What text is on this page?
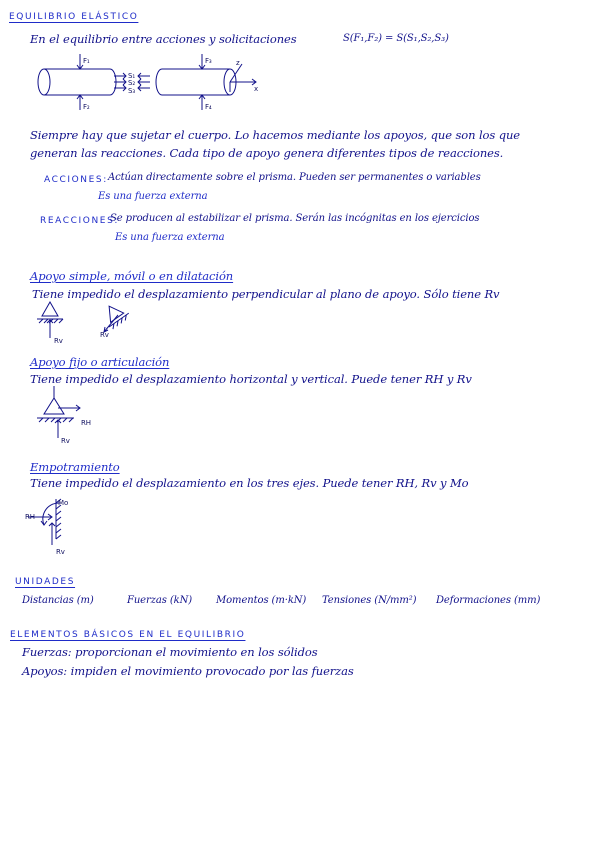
EQUILIBRIO ELÁSTICO
En el equilibrio entre acciones y solicitaciones	S(F₁,F₂) = S(S₁,S₂,S₃)
F₁
F₂
S₁
S₂
S₃
F₃
F₄
z
x
Siempre hay que sujetar el cuerpo. Lo hacemos mediante los apoyos, que son los que
generan las reacciones. Cada tipo de apoyo genera diferentes tipos de reacciones.
ACCIONES: Actúan directamente sobre el prisma. Pueden ser permanentes o variables
Es una fuerza externa
REACCIONES:
Se producen al estabilizar el prisma. Serán las incógnitas en los ejercicios
Es una fuerza externa
Apoyo simple, móvil o en dilatación
Tiene impedido el desplazamiento perpendicular al plano de apoyo. Sólo tiene Rv
Rv
Rv
Apoyo fijo o articulación
Tiene impedido el desplazamiento horizontal y vertical. Puede tener RH y Rv
RH
Rv
Empotramiento
Tiene impedido el desplazamiento en los tres ejes. Puede tener RH, Rv y Mo
Mo
RH
Rv
UNIDADES
Distancias (m)	Fuerzas (kN) Momentos (m·kN) Tensiones (N/mm²) Deformaciones (mm)
ELEMENTOS BÁSICOS EN EL EQUILIBRIO
Fuerzas: proporcionan el movimiento en los sólidos
Apoyos: impiden el movimiento provocado por las fuerzas
